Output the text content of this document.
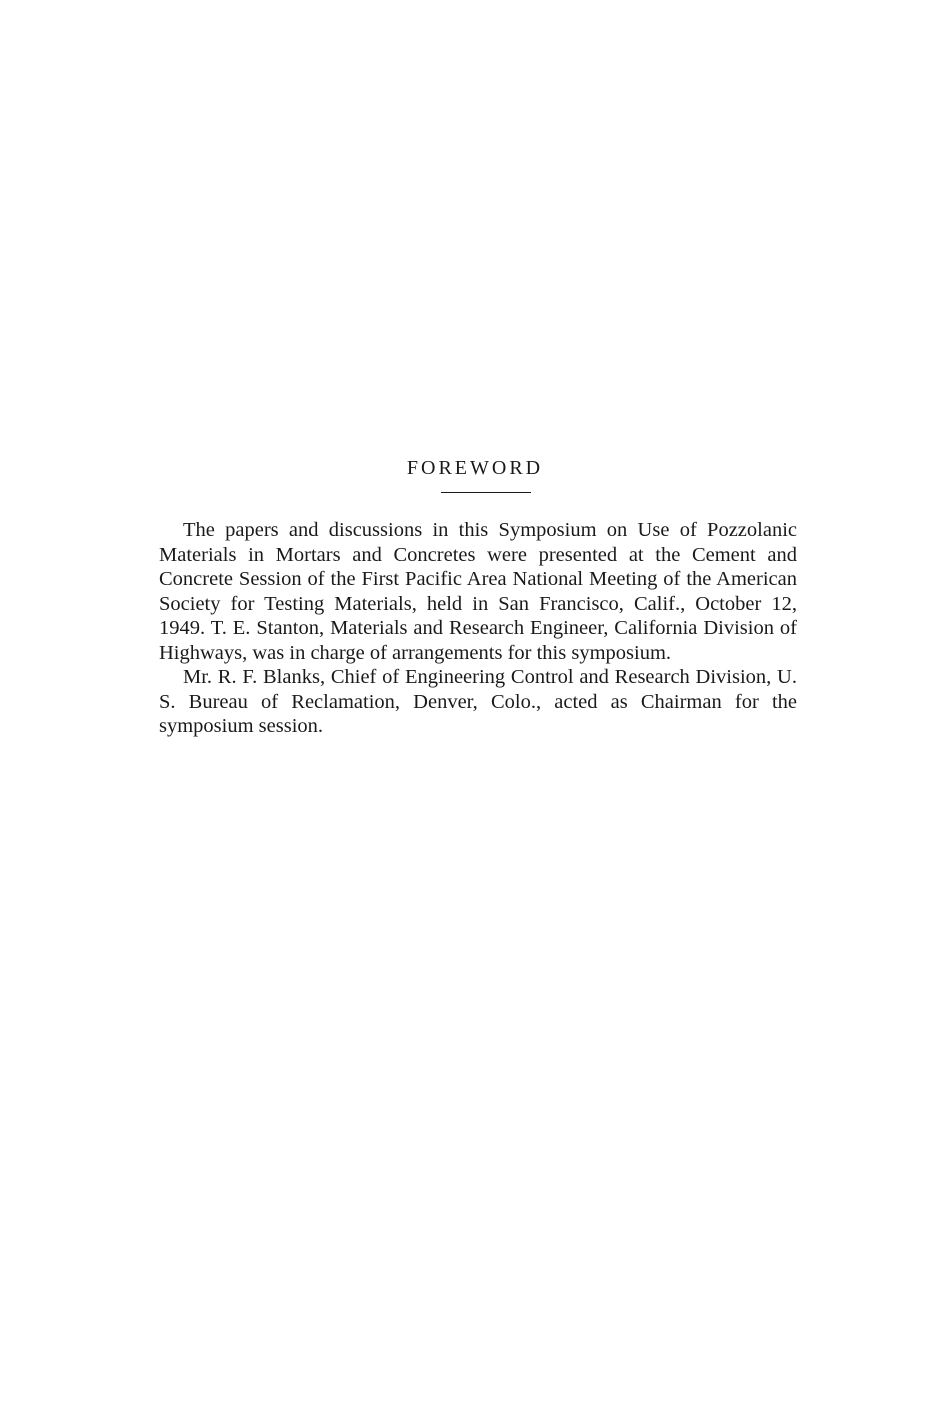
FOREWORD

The papers and discussions in this Symposium on Use of Pozzolanic Materials in Mortars and Concretes were presented at the Cement and Concrete Session of the First Pacific Area National Meeting of the American Society for Testing Materials, held in San Francisco, Calif., October 12, 1949. T. E. Stanton, Materials and Research Engineer, California Division of Highways, was in charge of arrangements for this symposium.

Mr. R. F. Blanks, Chief of Engineering Control and Research Division, U. S. Bureau of Reclamation, Denver, Colo., acted as Chairman for the symposium session.
